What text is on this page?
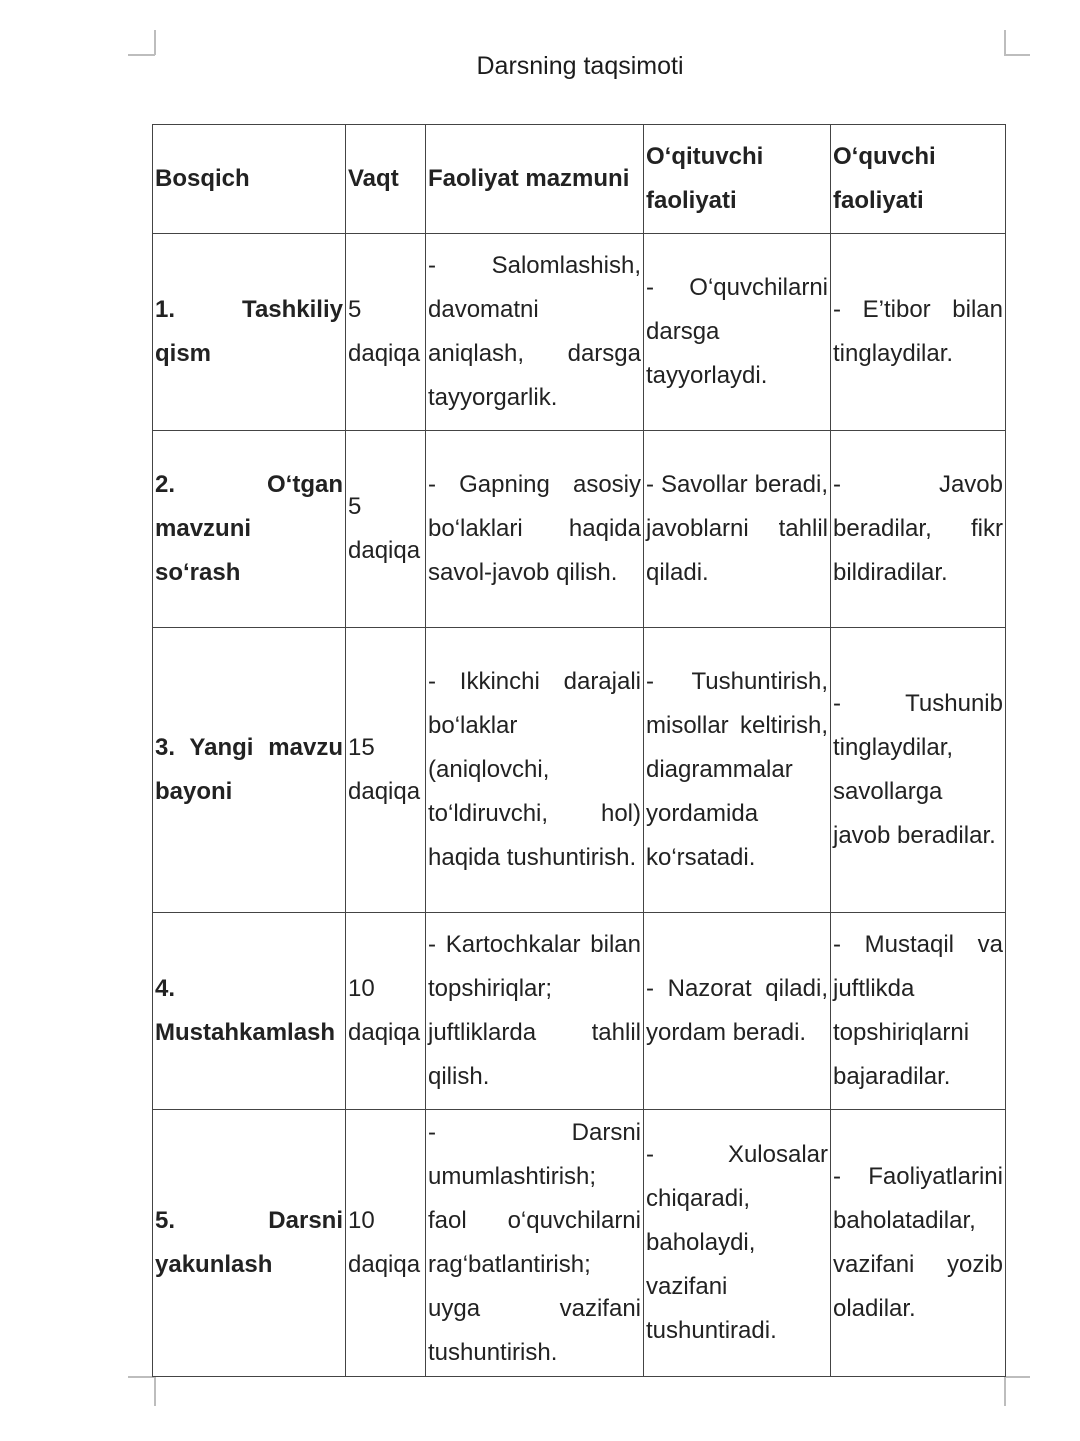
Darsning taqsimoti
Bosqich	Vaqt	Faoliyat mazmuni	O‘qituvchi faoliyati	O‘quvchi faoliyati
1. Tashkiliy qism	5 daqiqa	- Salomlashish, davomatni aniqlash, darsga tayyorgarlik.	- O‘quvchilarni darsga tayyorlaydi.	- E’tibor bilan tinglaydilar.
2. O‘tgan mavzuni so‘rash	5 daqiqa	- Gapning asosiy bo‘laklari haqida savol-javob qilish.	- Savollar beradi, javoblarni tahlil qiladi.	- Javob beradilar, fikr bildiradilar.
3. Yangi mavzu bayoni	15 daqiqa	- Ikkinchi darajali bo‘laklar (aniqlovchi, to‘ldiruvchi, hol) haqida tushuntirish.	- Tushuntirish, misollar keltirish, diagrammalar yordamida ko‘rsatadi.	- Tushunib tinglaydilar, savollarga javob beradilar.
4. Mustahkamlash	10 daqiqa	- Kartochkalar bilan topshiriqlar; juftliklarda tahlil qilish.	- Nazorat qiladi, yordam beradi.	- Mustaqil va juftlikda topshiriqlarni bajaradilar.
5. Darsni yakunlash	10 daqiqa	- Darsni umumlashtirish; faol o‘quvchilarni rag‘batlantirish; uyga vazifani tushuntirish.	- Xulosalar chiqaradi, baholaydi, vazifani tushuntiradi.	- Faoliyatlarini baholatadilar, vazifani yozib oladilar.
